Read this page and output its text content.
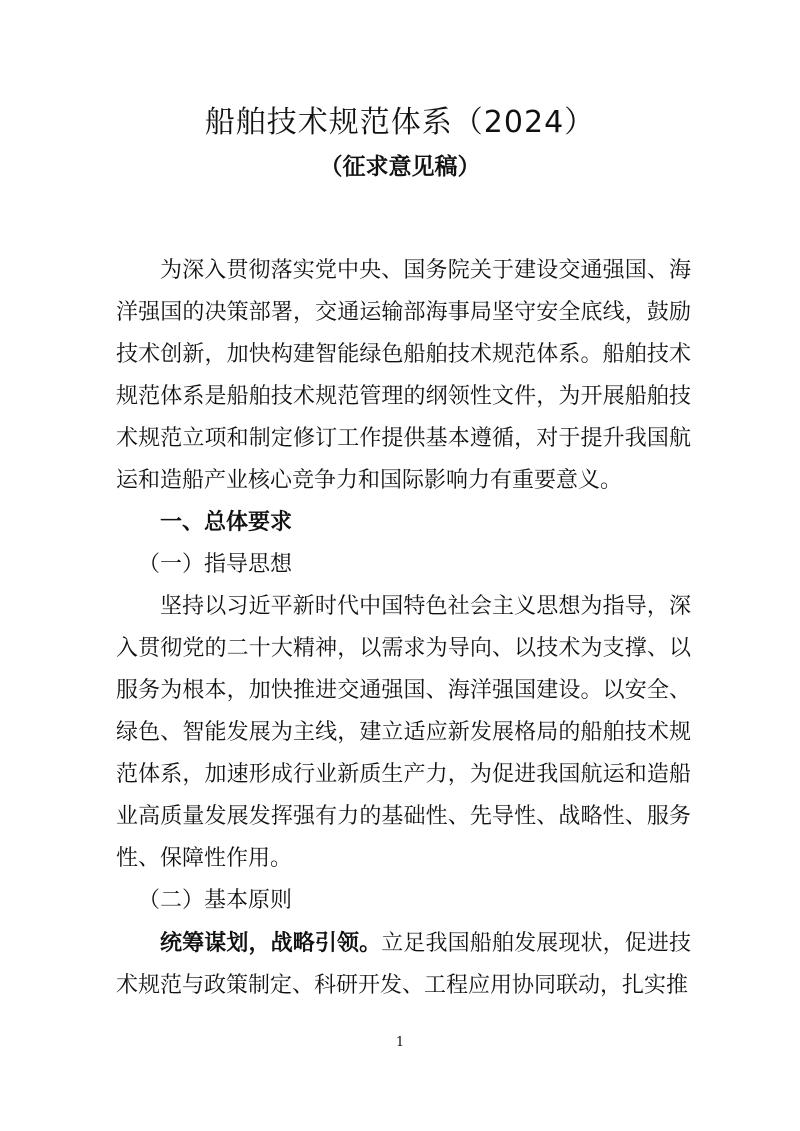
船舶技术规范体系（2024）
（征求意见稿）

为深入贯彻落实党中央、国务院关于建设交通强国、海洋强国的决策部署，交通运输部海事局坚守安全底线，鼓励技术创新，加快构建智能绿色船舶技术规范体系。船舶技术规范体系是船舶技术规范管理的纲领性文件，为开展船舶技术规范立项和制定修订工作提供基本遵循，对于提升我国航运和造船产业核心竞争力和国际影响力有重要意义。

一、总体要求
（一）指导思想

坚持以习近平新时代中国特色社会主义思想为指导，深入贯彻党的二十大精神，以需求为导向、以技术为支撑、以服务为根本，加快推进交通强国、海洋强国建设。以安全、绿色、智能发展为主线，建立适应新发展格局的船舶技术规范体系，加速形成行业新质生产力，为促进我国航运和造船业高质量发展发挥强有力的基础性、先导性、战略性、服务性、保障性作用。

（二）基本原则

统筹谋划，战略引领。立足我国船舶发展现状，促进技术规范与政策制定、科研开发、工程应用协同联动，扎实推

1
